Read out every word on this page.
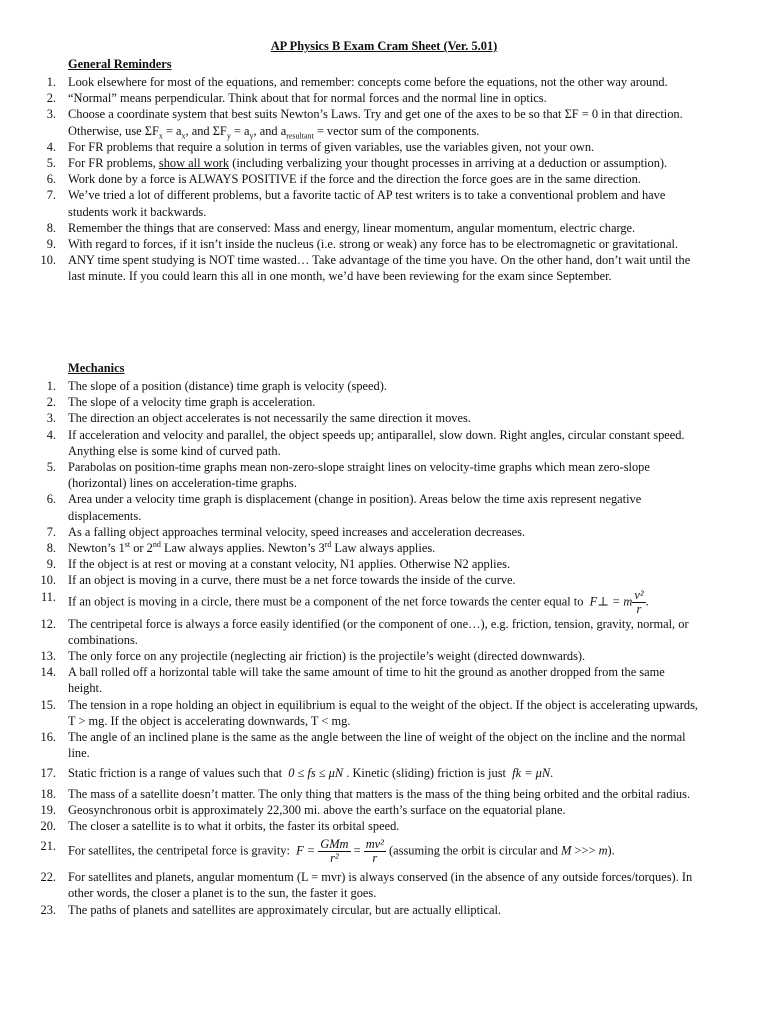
AP Physics B Exam Cram Sheet (Ver. 5.01)
General Reminders
1. Look elsewhere for most of the equations, and remember: concepts come before the equations, not the other way around.
2. “Normal” means perpendicular. Think about that for normal forces and the normal line in optics.
3. Choose a coordinate system that best suits Newton’s Laws. Try and get one of the axes to be so that ΣF = 0 in that direction. Otherwise, use $\Sigma F_x = a_x$, and $\Sigma F_y = a_y$, and $a_{resultant}$ = vector sum of the components.
4. For FR problems that require a solution in terms of given variables, use the variables given, not your own.
5. For FR problems, show all work (including verbalizing your thought processes in arriving at a deduction or assumption).
6. Work done by a force is ALWAYS POSITIVE if the force and the direction the force goes are in the same direction.
7. We’ve tried a lot of different problems, but a favorite tactic of AP test writers is to take a conventional problem and have students work it backwards.
8. Remember the things that are conserved: Mass and energy, linear momentum, angular momentum, electric charge.
9. With regard to forces, if it isn’t inside the nucleus (i.e. strong or weak) any force has to be electromagnetic or gravitational.
10. ANY time spent studying is NOT time wasted… Take advantage of the time you have. On the other hand, don’t wait until the last minute. If you could learn this all in one month, we’d have been reviewing for the exam since September.
Mechanics
1. The slope of a position (distance) time graph is velocity (speed).
2. The slope of a velocity time graph is acceleration.
3. The direction an object accelerates is not necessarily the same direction it moves.
4. If acceleration and velocity and parallel, the object speeds up; antiparallel, slow down. Right angles, circular constant speed. Anything else is some kind of curved path.
5. Parabolas on position-time graphs mean non-zero-slope straight lines on velocity-time graphs which mean zero-slope (horizontal) lines on acceleration-time graphs.
6. Area under a velocity time graph is displacement (change in position). Areas below the time axis represent negative displacements.
7. As a falling object approaches terminal velocity, speed increases and acceleration decreases.
8. Newton’s 1st or 2nd Law always applies. Newton’s 3rd Law always applies.
9. If the object is at rest or moving at a constant velocity, N1 applies. Otherwise N2 applies.
10. If an object is moving in a curve, there must be a net force towards the inside of the curve.
11. If an object is moving in a circle, there must be a component of the net force towards the center equal to F⊥ = m $\frac{\text{v²}}{r}$ .
12. The centripetal force is always a force easily identified (or the component of one…), e.g. friction, tension, gravity, normal, or combinations.
13. The only force on any projectile (neglecting air friction) is the projectile’s weight (directed downwards).
14. A ball rolled off a horizontal table will take the same amount of time to hit the ground as another dropped from the same height.
15. The tension in a rope holding an object in equilibrium is equal to the weight of the object. If the object is accelerating upwards, T > mg. If the object is accelerating downwards, T < mg.
16. The angle of an inclined plane is the same as the angle between the line of weight of the object on the incline and the normal line.
17. Static friction is a range of values such that 0 ≤ fs ≤ μN . Kinetic (sliding) friction is just fk = μN.
18. The mass of a satellite doesn’t matter. The only thing that matters is the mass of the thing being orbited and the orbital radius.
19. Geosynchronous orbit is approximately 22,300 mi. above the earth’s surface on the equatorial plane.
20. The closer a satellite is to what it orbits, the faster its orbital speed.
21. For satellites, the centripetal force is gravity: $F = \frac{\text{GMm}}{\text{r²}} = \frac{\text{mv²}}{r}$ (assuming the orbit is circular and M >>> m).
22. For satellites and planets, angular momentum (L = mvr) is always conserved (in the absence of any outside forces/torques). In other words, the closer a planet is to the sun, the faster it goes.
23. The paths of planets and satellites are approximately circular, but are actually elliptical.
